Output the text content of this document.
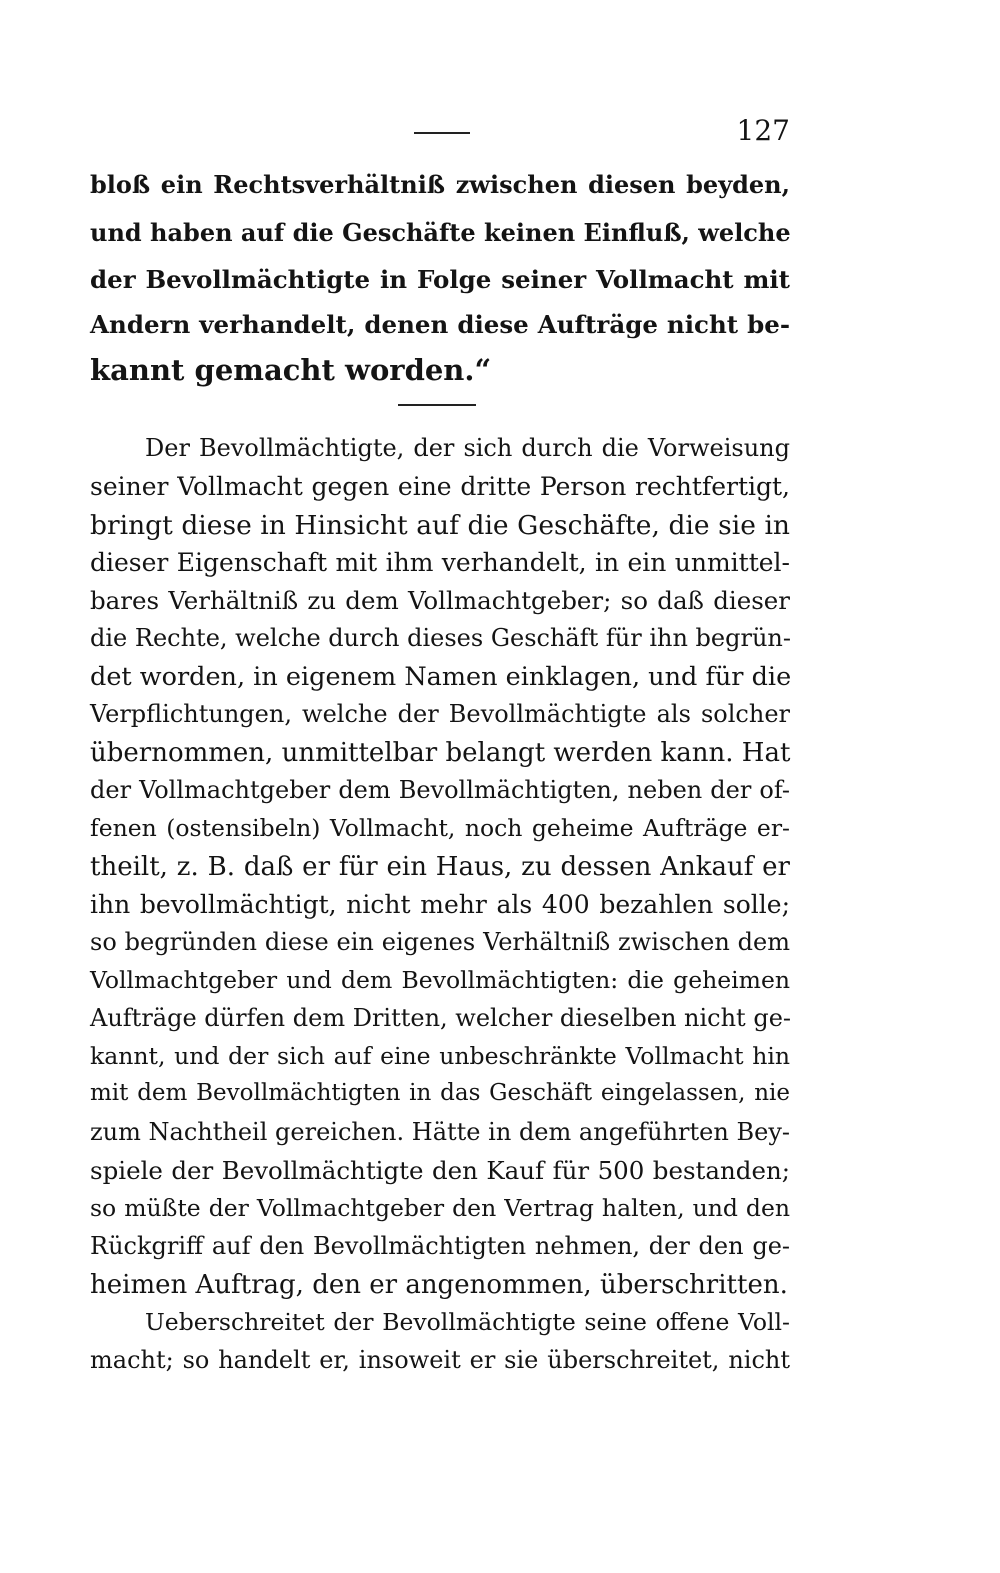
127
bloß ein Rechtsverhältniß zwischen diesen beyden,
und haben auf die Geschäfte keinen Einfluß, welche
der Bevollmächtigte in Folge seiner Vollmacht mit
Andern verhandelt, denen diese Aufträge nicht be-
kannt gemacht worden.“
Der Bevollmächtigte, der sich durch die Vorweisung
seiner Vollmacht gegen eine dritte Person rechtfertigt,
bringt diese in Hinsicht auf die Geschäfte, die sie in
dieser Eigenschaft mit ihm verhandelt, in ein unmittel-
bares Verhältniß zu dem Vollmachtgeber; so daß dieser
die Rechte, welche durch dieses Geschäft für ihn begrün-
det worden, in eigenem Namen einklagen, und für die
Verpflichtungen, welche der Bevollmächtigte als solcher
übernommen, unmittelbar belangt werden kann. Hat
der Vollmachtgeber dem Bevollmächtigten, neben der of-
fenen (ostensibeln) Vollmacht, noch geheime Aufträge er-
theilt, z. B. daß er für ein Haus, zu dessen Ankauf er
ihn bevollmächtigt, nicht mehr als 400 bezahlen solle;
so begründen diese ein eigenes Verhältniß zwischen dem
Vollmachtgeber und dem Bevollmächtigten: die geheimen
Aufträge dürfen dem Dritten, welcher dieselben nicht ge-
kannt, und der sich auf eine unbeschränkte Vollmacht hin
mit dem Bevollmächtigten in das Geschäft eingelassen, nie
zum Nachtheil gereichen. Hätte in dem angeführten Bey-
spiele der Bevollmächtigte den Kauf für 500 bestanden;
so müßte der Vollmachtgeber den Vertrag halten, und den
Rückgriff auf den Bevollmächtigten nehmen, der den ge-
heimen Auftrag, den er angenommen, überschritten.
Ueberschreitet der Bevollmächtigte seine offene Voll-
macht; so handelt er, insoweit er sie überschreitet, nicht
